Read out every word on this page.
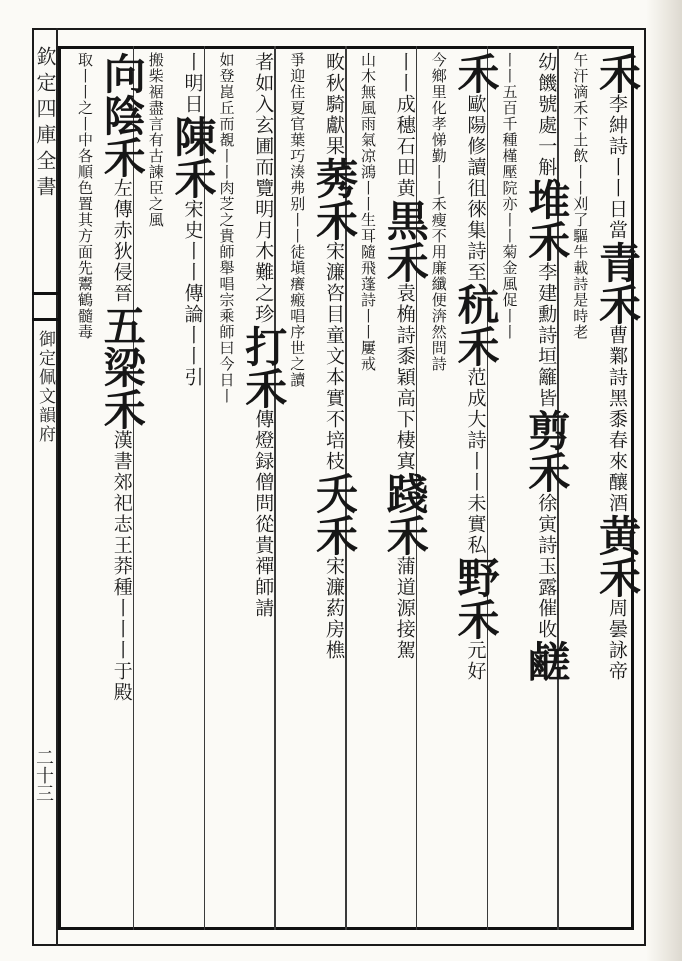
欽定四庫全書
御定佩文韻府
二十三
禾李紳詩丨丨日當青禾曹鄴詩黑黍春來釀酒黄禾周曇詠帝
午汗滴禾下土飲丨丨刈了驅牛載詩是時老
幼饑號處一斛堆禾李建勳詩垣籬皆剪禾徐寅詩玉露催收鹺
丨丨五百千種槿壓院亦丨丨菊金風促丨丨
禾歐陽修讀徂徠集詩至秔禾范成大詩丨丨未實私野禾元好
今鄉里化孝悌勤丨丨禾瘦不用廉纖便渀然問詩
丨丨成穗石田黄黒禾袁桷詩黍穎高下棲寘踐禾蒲道源接駕
山木無風雨氣凉鴻丨丨生耳隨飛蓬詩丨丨屢戒
畋秋騎獻果莠禾宋濂咨目童文本實不培枝夭禾宋濂葯房樵
爭迎住夏官葉巧湊弗别丨丨徒塡癢瘢唱序世之讀
者如入玄圃而覽明月木難之珍打禾傳燈録僧問從貴禪師請
如登崑丘而覩丨丨肉芝之貴師舉唱宗乘師曰今日丨
丨明日陳禾宋史丨丨傳論丨丨引
搬柴裾盡言有古諫臣之風
向陰禾左傳赤狄侵晉五梁禾漢書郊祀志王莽種丨丨丨于殿
取丨丨之丨中各順色置其方面先鬻鶴髓毒
